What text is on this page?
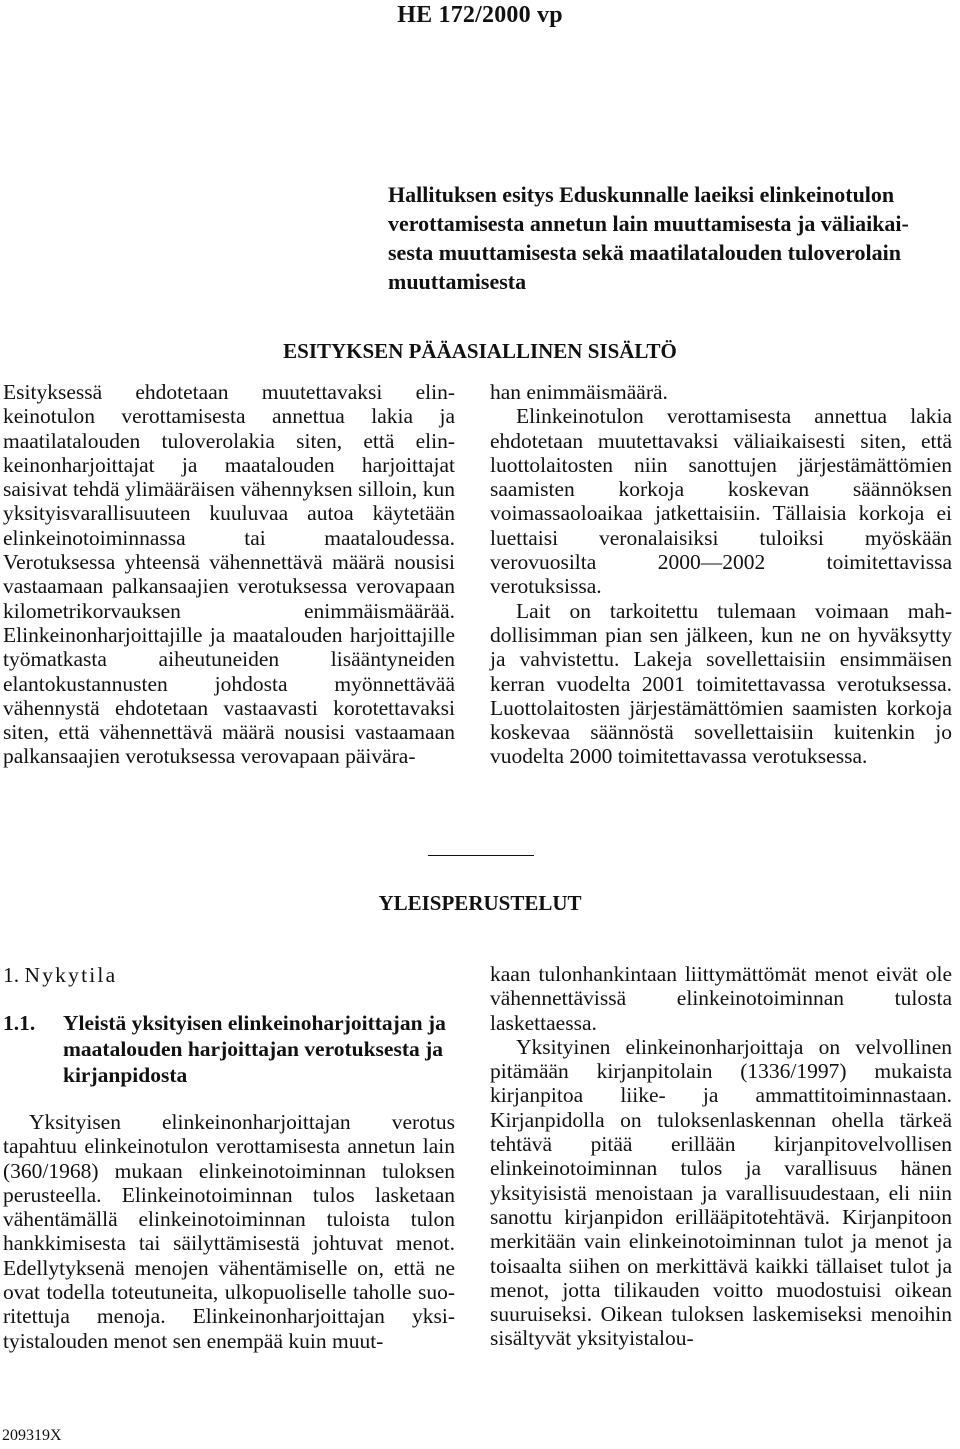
HE 172/2000 vp
Hallituksen esitys Eduskunnalle laeiksi elinkeinotulon
verottamisesta annetun lain muuttamisesta ja väliaikai-
sesta muuttamisesta sekä maatilatalouden tuloverolain
muuttamisesta
ESITYKSEN PÄÄASIALLINEN SISÄLTÖ

Esityksessä ehdotetaan muutettavaksi elinkeinotulon verottamisesta annettua lakia ja maatilatalouden tuloverolakia siten, että elinkeinonharjoittajat ja maatalouden harjoittajat saisivat tehdä ylimääräisen vähennyksen silloin, kun yksityisvarallisuuteen kuuluvaa autoa käytetään elinkeinotoiminnassa tai maataloudessa. Verotuksessa yhteensä vähennettävä määrä nousisi vastaamaan palkansaajien verotuksessa verovapaan kilometrikorvauksen enimmäismäärää. Elinkeinonharjoittajille ja maatalouden harjoittajille työmatkasta aiheutuneiden lisääntyneiden elantokustannusten johdosta myönnettävää vähennystä ehdotetaan vastaavasti korotettavaksi siten, että vähennettävä määrä nousisi vastaamaan palkansaajien verotuksessa verovapaan päivära-

han enimmäismäärä.

Elinkeinotulon verottamisesta annettua lakia ehdotetaan muutettavaksi väliaikaisesti siten, että luottolaitosten niin sanottujen järjestämättömien saamisten korkoja koskevan säännöksen voimassaoloaikaa jatkettaisiin. Tällaisia korkoja ei luettaisi veronalaisiksi tuloiksi myöskään verovuosilta 2000—2002 toimitettavissa verotuksissa.

Lait on tarkoitettu tulemaan voimaan mahdollisimman pian sen jälkeen, kun ne on hyväksytty ja vahvistettu. Lakeja sovellettaisiin ensimmäisen kerran vuodelta 2001 toimitettavassa verotuksessa. Luottolaitosten järjestämättömien saamisten korkoja koskevaa säännöstä sovellettaisiin kuitenkin jo vuodelta 2000 toimitettavassa verotuksessa.

YLEISPERUSTELUT
1. Nykytila
1.1.	Yleistä yksityisen elinkeinoharjoittajan ja maatalouden harjoittajan verotuksesta ja kirjanpidosta

Yksityisen elinkeinonharjoittajan verotus tapahtuu elinkeinotulon verottamisesta annetun lain (360/1968) mukaan elinkeinotoiminnan tuloksen perusteella. Elinkeinotoiminnan tulos lasketaan vähentämällä elinkeinotoiminnan tuloista tulon hankkimisesta tai säilyttämisestä johtuvat menot. Edellytyksenä menojen vähentämiselle on, että ne ovat todella toteutuneita, ulkopuoliselle taholle suoritettuja menoja. Elinkeinonharjoittajan yksityistalouden menot sen enempää kuin muut-

kaan tulonhankintaan liittymättömät menot eivät ole vähennettävissä elinkeinotoiminnan tulosta laskettaessa.

Yksityinen elinkeinonharjoittaja on velvollinen pitämään kirjanpitolain (1336/1997) mukaista kirjanpitoa liike- ja ammattitoiminnastaan. Kirjanpidolla on tuloksenlaskennan ohella tärkeä tehtävä pitää erillään kirjanpitovelvollisen elinkeinotoiminnan tulos ja varallisuus hänen yksityisistä menoistaan ja varallisuudestaan, eli niin sanottu kirjanpidon erillääpitotehtävä. Kirjanpitoon merkitään vain elinkeinotoiminnan tulot ja menot ja toisaalta siihen on merkittävä kaikki tällaiset tulot ja menot, jotta tilikauden voitto muodostuisi oikean suuruiseksi. Oikean tuloksen laskemiseksi menoihin sisältyvät yksityistalou-

209319X
